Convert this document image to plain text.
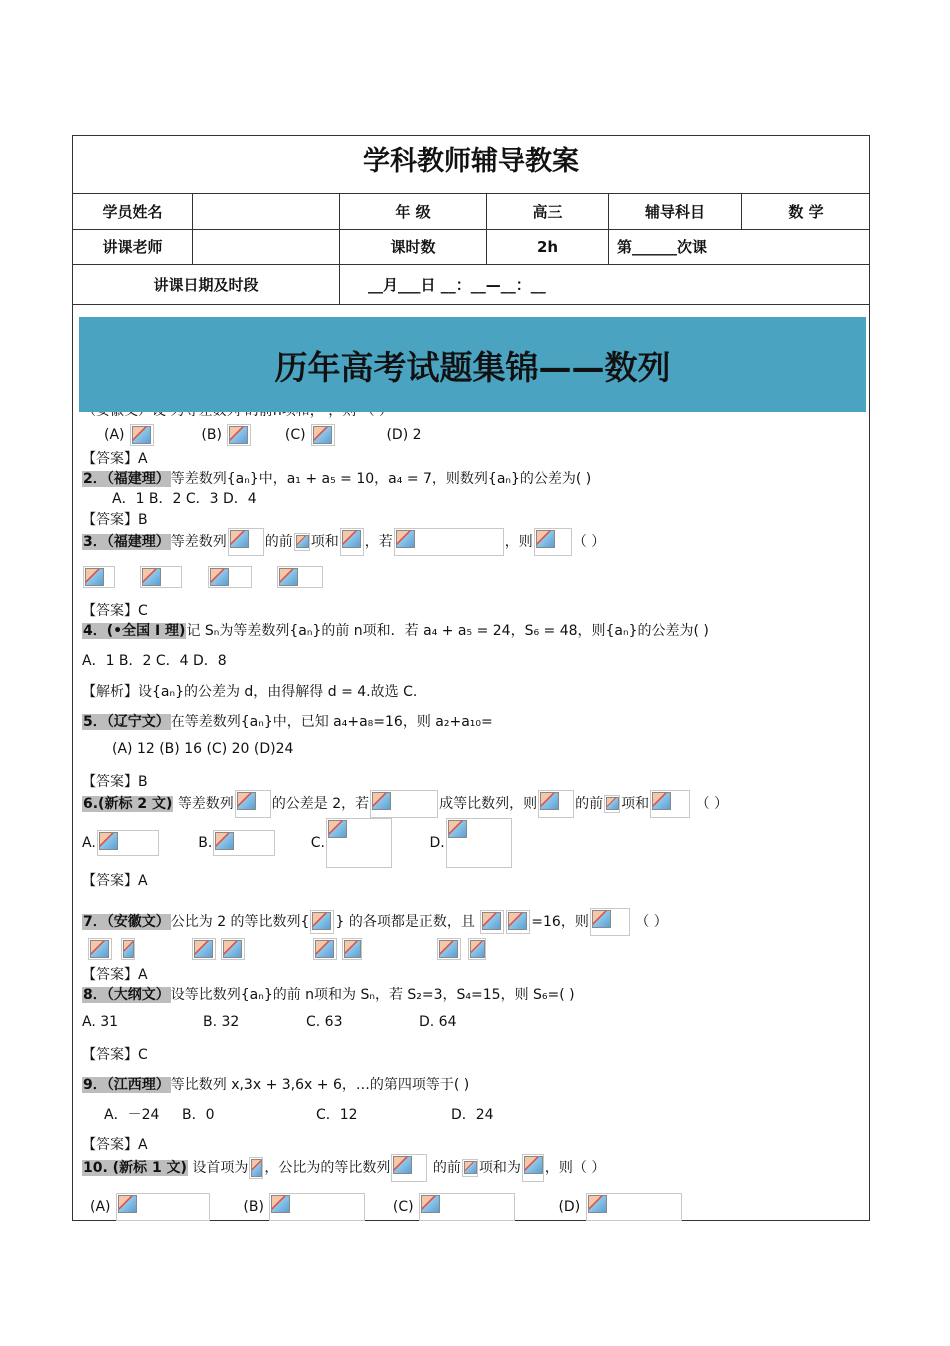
学科教师辅导教案
学员姓名		年 级	高三	辅导科目	数 学
讲课老师		课时数	2h	第______次课	
讲课日期及时段		__月___日 __：__—__：__			
历年高考试题集锦——数列
(A)	(B)	(C)	(D) 2
【答案】A
2．（福建理）等差数列{aₙ}中，a₁ + a₅ = 10，a₄ = 7，则数列{aₙ}的公差为( )
A．1 B．2 C．3 D．4
【答案】B
3．（福建理）等差数列	的前 项和 ，若	，则	（ ）

【答案】C
4．(•全国 I 理)记 Sₙ为等差数列{aₙ}的前 n项和．若 a₄ + a₅ = 24，S₆ = 48，则{aₙ}的公差为( )
A．1 B．2 C．4 D．8
【解析】设{aₙ}的公差为 d，由得解得 d = 4.故选 C.
5．（辽宁文）在等差数列{aₙ}中，已知 a₄+a₈=16，则 a₂+a₁₀=
(A) 12 (B) 16 (C) 20 (D)24
【答案】B
6.(新标 2 文) 等差数列	的公差是 2，若	成等比数列，则	的前 项和	（ ）
A.	B.	C.	D.
【答案】A
7．（安徽文）公比为 2 的等比数列{ } 的各项都是正数，且	=16，则	（ ）

【答案】A
8．（大纲文）设等比数列{aₙ}的前 n项和为 Sₙ，若 S₂=3，S₄=15，则 S₆=( )
A. 31	B. 32	C. 63	D. 64
【答案】C
9．（江西理）等比数列 x,3x + 3,6x + 6，…的第四项等于( )
A．－24 B．0	C．12	D．24
【答案】A
10. (新标 1 文) 设首项为 ，公比为的等比数列	的前 项和为 ，则（ ）
(A)	(B)	(C)	(D)
